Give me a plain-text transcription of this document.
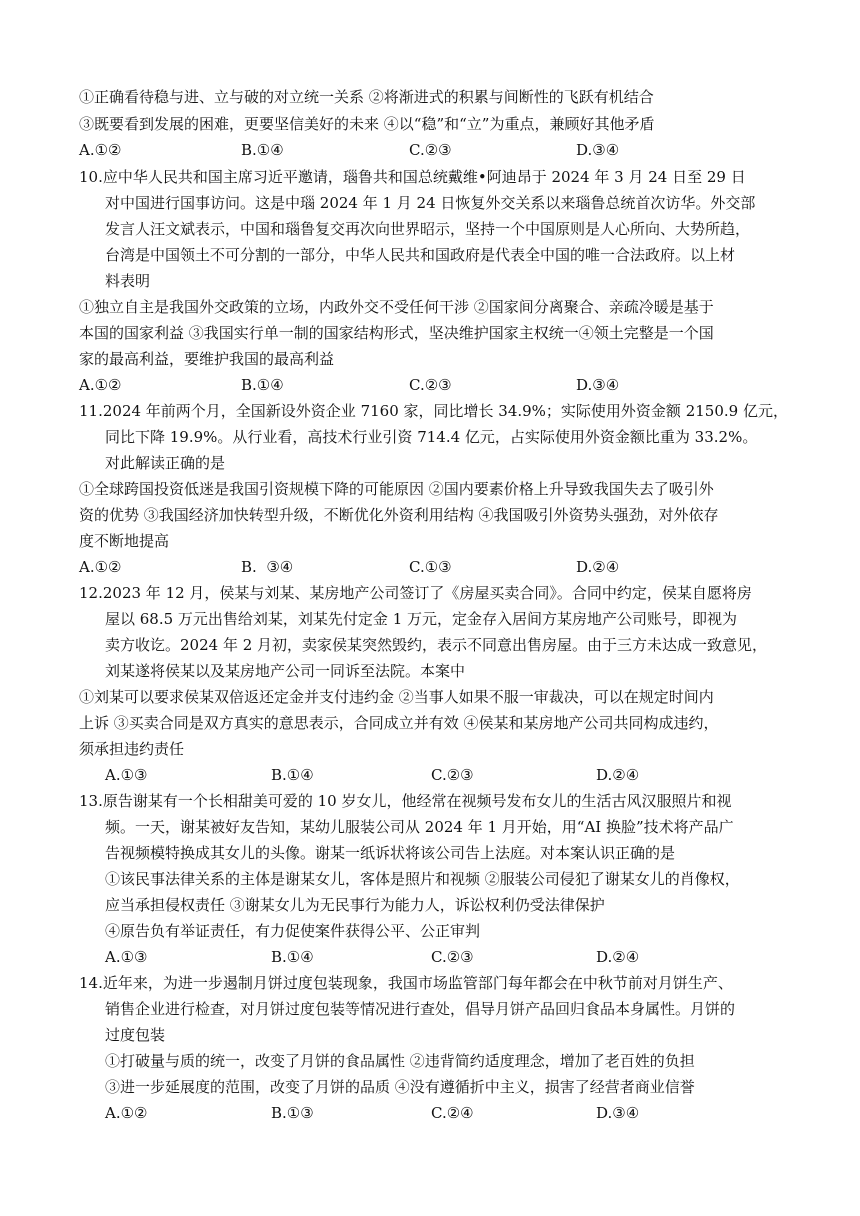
①正确看待稳与进、立与破的对立统一关系 ②将渐进式的积累与间断性的飞跃有机结合
③既要看到发展的困难，更要坚信美好的未来 ④以“稳”和“立”为重点，兼顾好其他矛盾
A.①②	B.①④	C.②③	D.③④
10.应中华人民共和国主席习近平邀请，瑙鲁共和国总统戴维•阿迪昂于 2024 年 3 月 24 日至 29 日
对中国进行国事访问。这是中瑙 2024 年 1 月 24 日恢复外交关系以来瑙鲁总统首次访华。外交部
发言人汪文斌表示，中国和瑙鲁复交再次向世界昭示，坚持一个中国原则是人心所向、大势所趋，
台湾是中国领土不可分割的一部分，中华人民共和国政府是代表全中国的唯一合法政府。以上材
料表明
①独立自主是我国外交政策的立场，内政外交不受任何干涉 ②国家间分离聚合、亲疏冷暖是基于
本国的国家利益 ③我国实行单一制的国家结构形式，坚决维护国家主权统一④领土完整是一个国
家的最高利益，要维护我国的最高利益
A.①②	B.①④	C.②③	D.③④
11.2024 年前两个月，全国新设外资企业 7160 家，同比增长 34.9%；实际使用外资金额 2150.9 亿元，
同比下降 19.9%。从行业看，高技术行业引资 714.4 亿元，占实际使用外资金额比重为 33.2%。
对此解读正确的是
①全球跨国投资低迷是我国引资规模下降的可能原因 ②国内要素价格上升导致我国失去了吸引外
资的优势 ③我国经济加快转型升级，不断优化外资利用结构 ④我国吸引外资势头强劲，对外依存
度不断地提高
A.①②	B.  ③④	C.①③	D.②④
12.2023 年 12 月，侯某与刘某、某房地产公司签订了《房屋买卖合同》。合同中约定，侯某自愿将房
屋以 68.5 万元出售给刘某，刘某先付定金 1 万元，定金存入居间方某房地产公司账号，即视为
卖方收讫。2024 年 2 月初，卖家侯某突然毁约，表示不同意出售房屋。由于三方未达成一致意见，
刘某遂将侯某以及某房地产公司一同诉至法院。本案中
①刘某可以要求侯某双倍返还定金并支付违约金 ②当事人如果不服一审裁决，可以在规定时间内
上诉 ③买卖合同是双方真实的意思表示，合同成立并有效 ④侯某和某房地产公司共同构成违约，
须承担违约责任
A.①③	B.①④	C.②③	D.②④
13.原告谢某有一个长相甜美可爱的 10 岁女儿，他经常在视频号发布女儿的生活古风汉服照片和视
频。一天，谢某被好友告知，某幼儿服装公司从 2024 年 1 月开始，用“AI 换脸”技术将产品广
告视频模特换成其女儿的头像。谢某一纸诉状将该公司告上法庭。对本案认识正确的是
①该民事法律关系的主体是谢某女儿，客体是照片和视频 ②服装公司侵犯了谢某女儿的肖像权，
应当承担侵权责任 ③谢某女儿为无民事行为能力人，诉讼权利仍受法律保护
④原告负有举证责任，有力促使案件获得公平、公正审判
A.①③	B.①④	C.②③	D.②④
14.近年来，为进一步遏制月饼过度包装现象，我国市场监管部门每年都会在中秋节前对月饼生产、
销售企业进行检查，对月饼过度包装等情况进行查处，倡导月饼产品回归食品本身属性。月饼的
过度包装
①打破量与质的统一，改变了月饼的食品属性 ②违背简约适度理念，增加了老百姓的负担
③进一步延展度的范围，改变了月饼的品质 ④没有遵循折中主义，损害了经营者商业信誉
A.①②	B.①③	C.②④	D.③④
